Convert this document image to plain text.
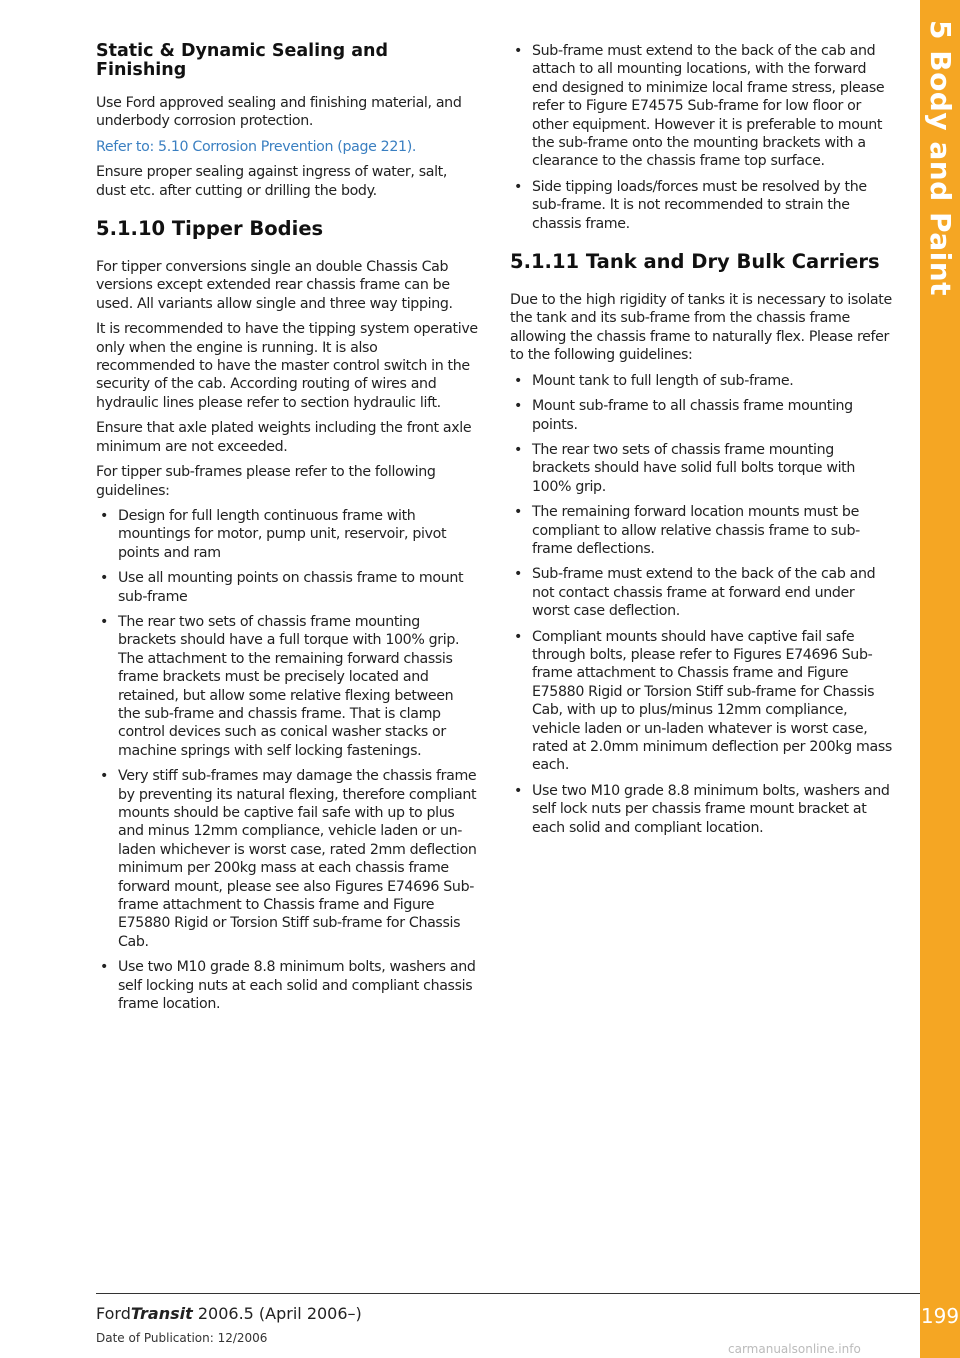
Static & Dynamic Sealing and Finishing

Use Ford approved sealing and finishing material, and underbody corrosion protection.

Refer to: 5.10 Corrosion Prevention (page 221).

Ensure proper sealing against ingress of water, salt, dust etc. after cutting or drilling the body.

5.1.10 Tipper Bodies

For tipper conversions single an double Chassis Cab versions except extended rear chassis frame can be used. All variants allow single and three way tipping.

It is recommended to have the tipping system operative only when the engine is running. It is also recommended to have the master control switch in the security of the cab. According routing of wires and hydraulic lines please refer to section hydraulic lift.

Ensure that axle plated weights including the front axle minimum are not exceeded.

For tipper sub-frames please refer to the following guidelines:

• Design for full length continuous frame with mountings for motor, pump unit, reservoir, pivot points and ram
• Use all mounting points on chassis frame to mount sub-frame
• The rear two sets of chassis frame mounting brackets should have a full torque with 100% grip. The attachment to the remaining forward chassis frame brackets must be precisely located and retained, but allow some relative flexing between the sub-frame and chassis frame. That is clamp control devices such as conical washer stacks or machine springs with self locking fastenings.
• Very stiff sub-frames may damage the chassis frame by preventing its natural flexing, therefore compliant mounts should be captive fail safe with up to plus and minus 12mm compliance, vehicle laden or un-laden whichever is worst case, rated 2mm deflection minimum per 200kg mass at each chassis frame forward mount, please see also Figures E74696 Sub-frame attachment to Chassis frame and Figure E75880 Rigid or Torsion Stiff sub-frame for Chassis Cab.
• Use two M10 grade 8.8 minimum bolts, washers and self locking nuts at each solid and compliant chassis frame location.
• Sub-frame must extend to the back of the cab and attach to all mounting locations, with the forward end designed to minimize local frame stress, please refer to Figure E74575 Sub-frame for low floor or other equipment. However it is preferable to mount the sub-frame onto the mounting brackets with a clearance to the chassis frame top surface.
• Side tipping loads/forces must be resolved by the sub-frame. It is not recommended to strain the chassis frame.
5.1.11 Tank and Dry Bulk Carriers

Due to the high rigidity of tanks it is necessary to isolate the tank and its sub-frame from the chassis frame allowing the chassis frame to naturally flex. Please refer to the following guidelines:

• Mount tank to full length of sub-frame.
• Mount sub-frame to all chassis frame mounting points.
• The rear two sets of chassis frame mounting brackets should have solid full bolts torque with 100% grip.
• The remaining forward location mounts must be compliant to allow relative chassis frame to sub-frame deflections.
• Sub-frame must extend to the back of the cab and not contact chassis frame at forward end under worst case deflection.
• Compliant mounts should have captive fail safe through bolts, please refer to Figures E74696 Sub-frame attachment to Chassis frame and Figure E75880 Rigid or Torsion Stiff sub-frame for Chassis Cab, with up to plus/minus 12mm compliance, vehicle laden or un-laden whatever is worst case, rated at 2.0mm minimum deflection per 200kg mass each.
• Use two M10 grade 8.8 minimum bolts, washers and self lock nuts per chassis frame mount bracket at each solid and compliant location.
5 Body and Paint
199
FordTransit 2006.5 (April 2006–)
Date of Publication: 12/2006
carmanualsonline.info
